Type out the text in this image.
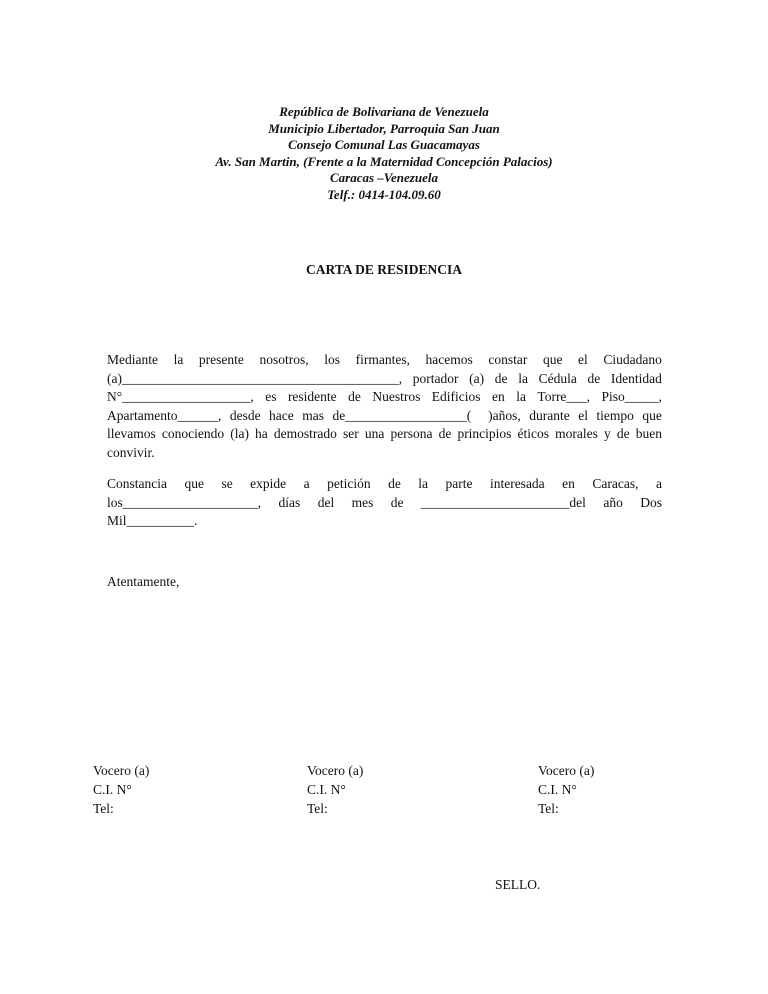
República de Bolivariana de Venezuela
Municipio Libertador, Parroquia San Juan
Consejo Comunal Las Guacamayas
Av. San Martin, (Frente a la Maternidad Concepción Palacios)
Caracas –Venezuela
Telf.: 0414-104.09.60
CARTA DE RESIDENCIA
Mediante la presente nosotros, los firmantes, hacemos constar que el Ciudadano
(a)_________________________________________, portador (a) de la Cédula de Identidad
N°___________________, es residente de Nuestros Edificios en la Torre___, Piso_____,
Apartamento______, desde hace mas de__________________( )años, durante el tiempo que
llevamos conociendo (la) ha demostrado ser una persona de principios éticos morales y de buen
convivir.
Constancia que se expide a petición de la parte interesada en Caracas, a
los____________________, días del mes de ______________________del año Dos
Mil__________.
Atentamente,
Vocero (a)
C.I. N°
Tel:
Vocero (a)
C.I. N°
Tel:
Vocero (a)
C.I. N°
Tel:
SELLO.
